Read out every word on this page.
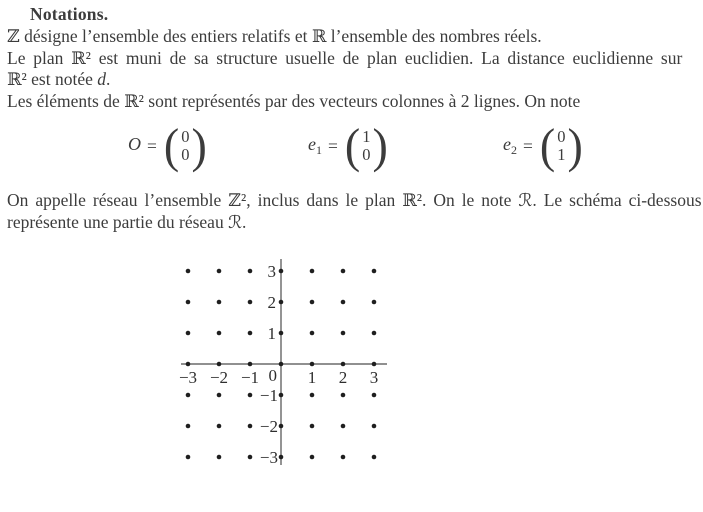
Notations.
ℤ désigne l’ensemble des entiers relatifs et ℝ l’ensemble des nombres réels.
Le plan ℝ² est muni de sa structure usuelle de plan euclidien. La distance euclidienne sur
ℝ² est notée d.
Les éléments de ℝ² sont représentés par des vecteurs colonnes à 2 lignes. On note
O = ( 0
0 )	$e_1$ = ( 1
0 )	$e_2$ = ( 0
1 )
On appelle réseau l’ensemble ℤ², inclus dans le plan ℝ². On le note ℛ. Le schéma ci-dessous
représente une partie du réseau ℛ.
−3 −2 −1 0 1 2 3
1
2
3
−1
−2
−3
